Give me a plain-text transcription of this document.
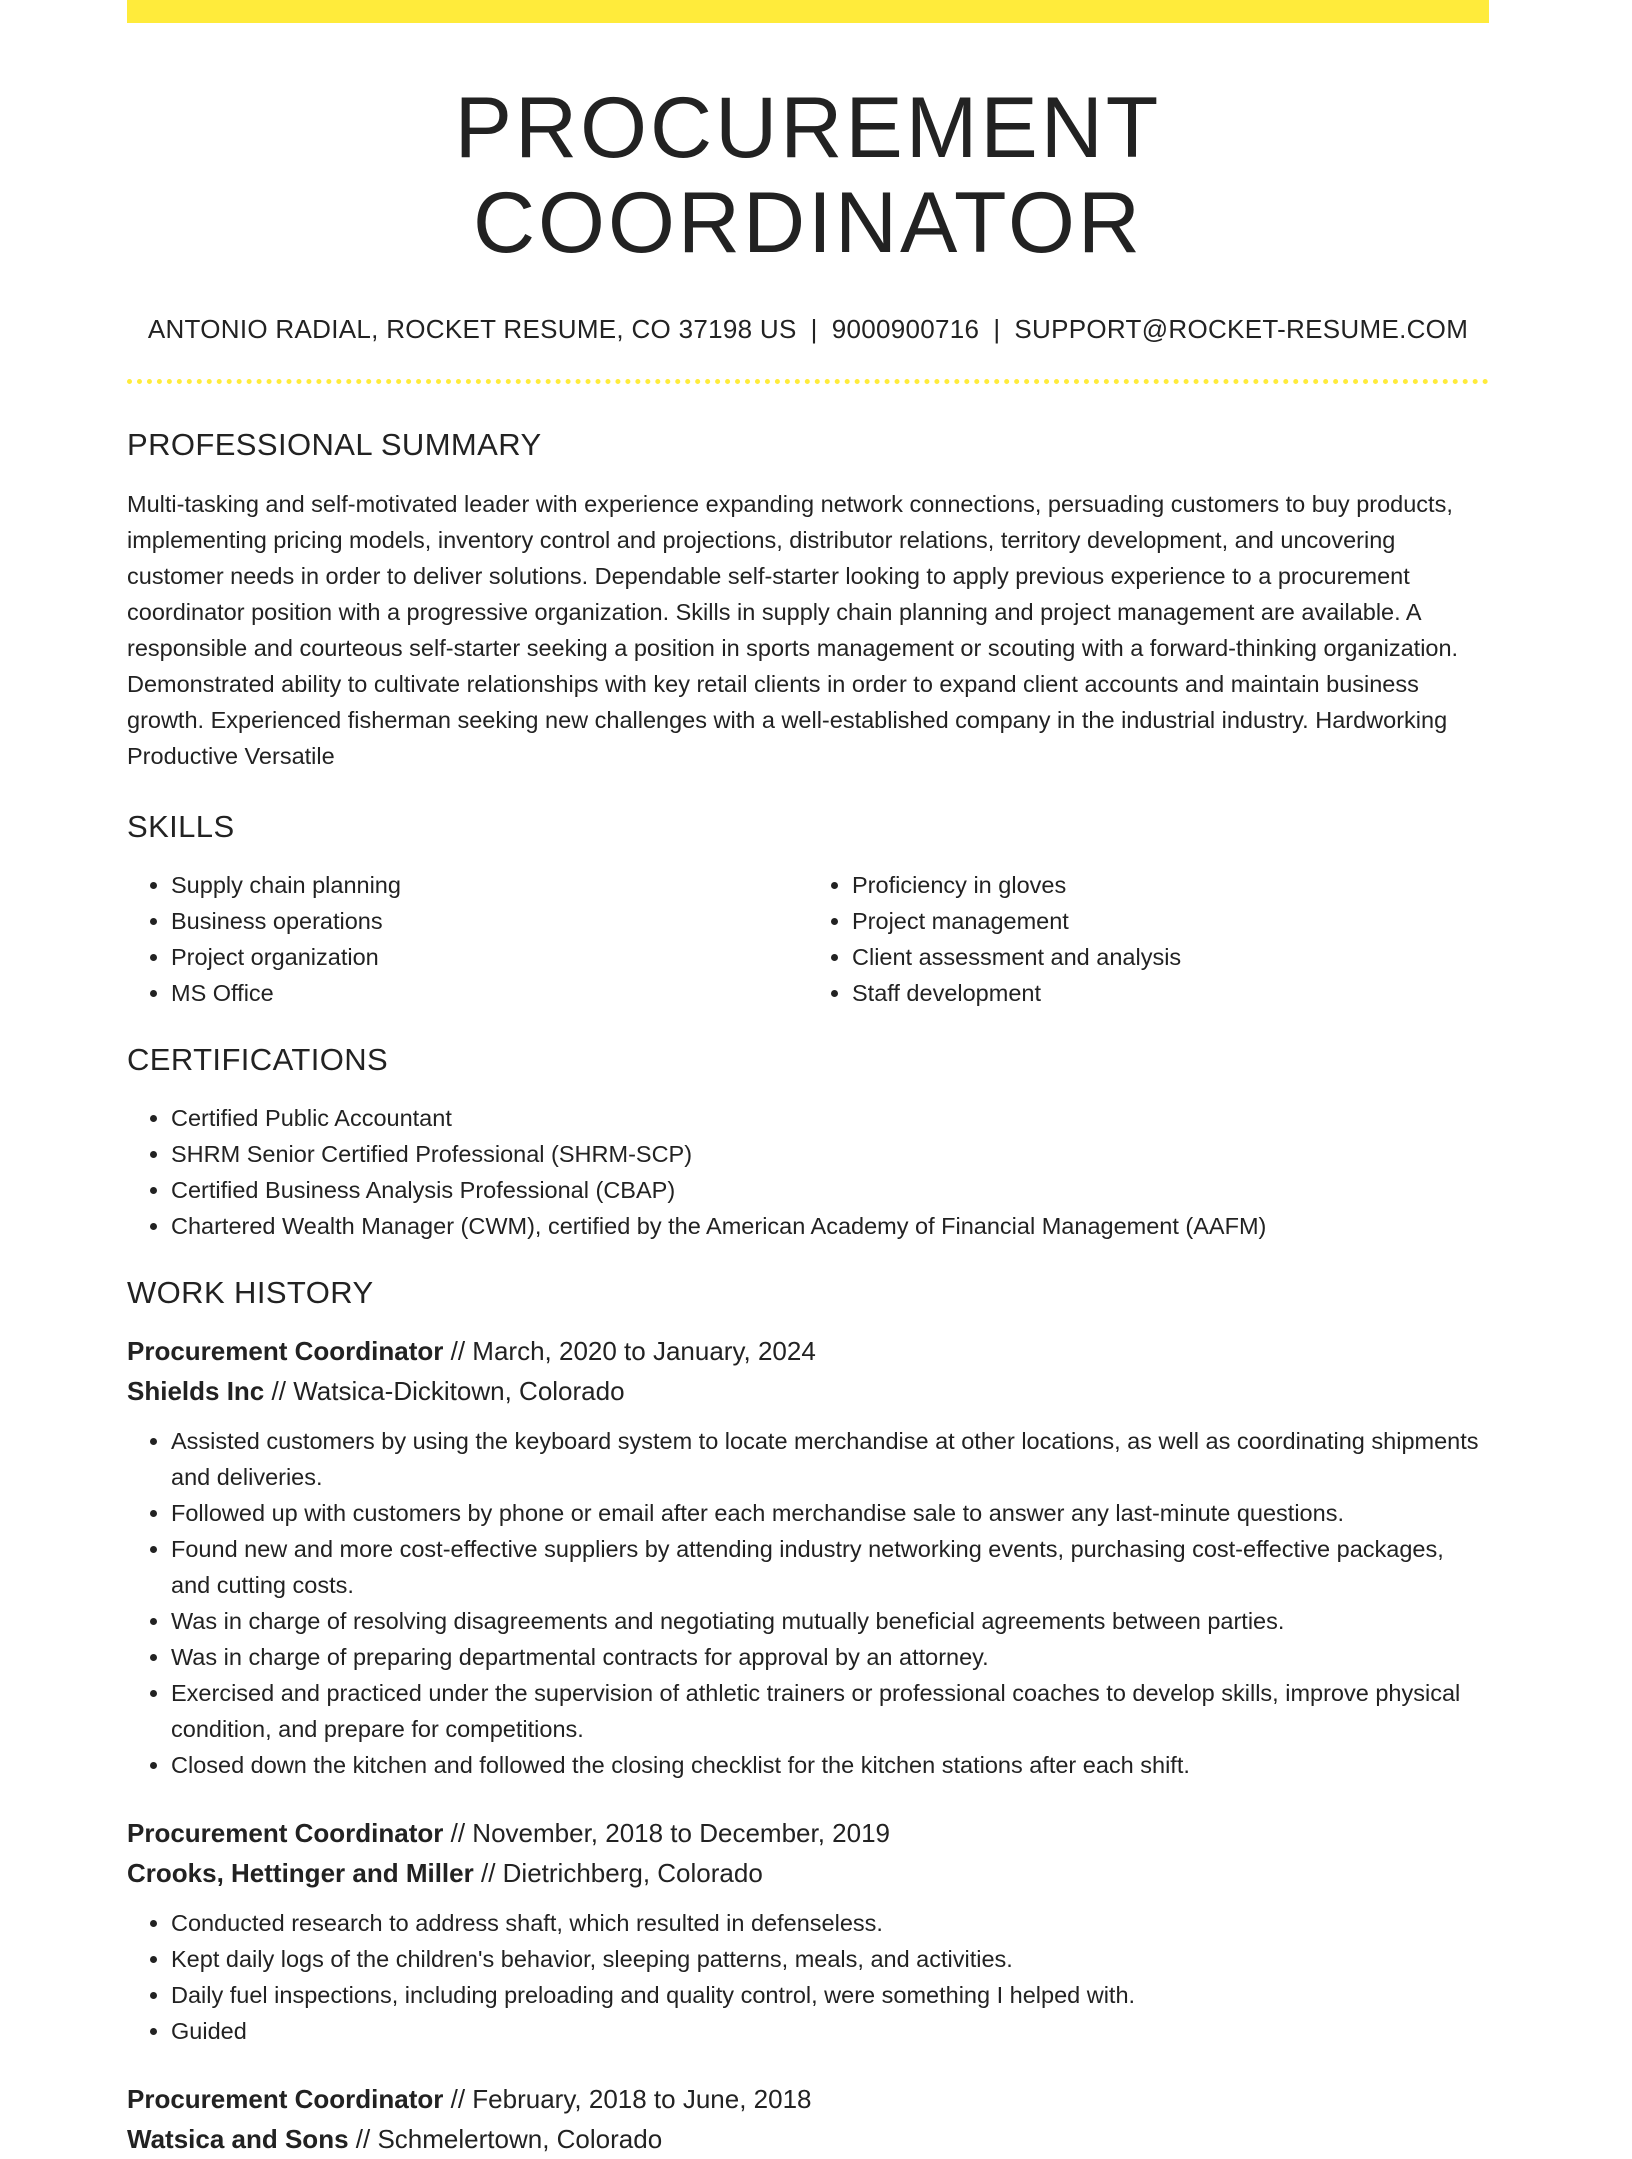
PROCUREMENT COORDINATOR
ANTONIO RADIAL, ROCKET RESUME, CO 37198 US | 9000900716 | SUPPORT@ROCKET-RESUME.COM
PROFESSIONAL SUMMARY

Multi-tasking and self-motivated leader with experience expanding network connections, persuading customers to buy products, implementing pricing models, inventory control and projections, distributor relations, territory development, and uncovering customer needs in order to deliver solutions. Dependable self-starter looking to apply previous experience to a procurement coordinator position with a progressive organization. Skills in supply chain planning and project management are available. A responsible and courteous self-starter seeking a position in sports management or scouting with a forward-thinking organization. Demonstrated ability to cultivate relationships with key retail clients in order to expand client accounts and maintain business growth. Experienced fisherman seeking new challenges with a well-established company in the industrial industry. Hardworking Productive Versatile

SKILLS
• Supply chain planning
• Business operations
• Project organization
• MS Office
• Proficiency in gloves
• Project management
• Client assessment and analysis
• Staff development
CERTIFICATIONS
• Certified Public Accountant
• SHRM Senior Certified Professional (SHRM-SCP)
• Certified Business Analysis Professional (CBAP)
• Chartered Wealth Manager (CWM), certified by the American Academy of Financial Management (AAFM)
WORK HISTORY
Procurement Coordinator // March, 2020 to January, 2024
Shields Inc // Watsica-Dickitown, Colorado
• Assisted customers by using the keyboard system to locate merchandise at other locations, as well as coordinating shipments and deliveries.
• Followed up with customers by phone or email after each merchandise sale to answer any last-minute questions.
• Found new and more cost-effective suppliers by attending industry networking events, purchasing cost-effective packages, and cutting costs.
• Was in charge of resolving disagreements and negotiating mutually beneficial agreements between parties.
• Was in charge of preparing departmental contracts for approval by an attorney.
• Exercised and practiced under the supervision of athletic trainers or professional coaches to develop skills, improve physical condition, and prepare for competitions.
• Closed down the kitchen and followed the closing checklist for the kitchen stations after each shift.
Procurement Coordinator // November, 2018 to December, 2019
Crooks, Hettinger and Miller // Dietrichberg, Colorado
• Conducted research to address shaft, which resulted in defenseless.
• Kept daily logs of the children's behavior, sleeping patterns, meals, and activities.
• Daily fuel inspections, including preloading and quality control, were something I helped with.
• Guided
Procurement Coordinator // February, 2018 to June, 2018
Watsica and Sons // Schmelertown, Colorado
